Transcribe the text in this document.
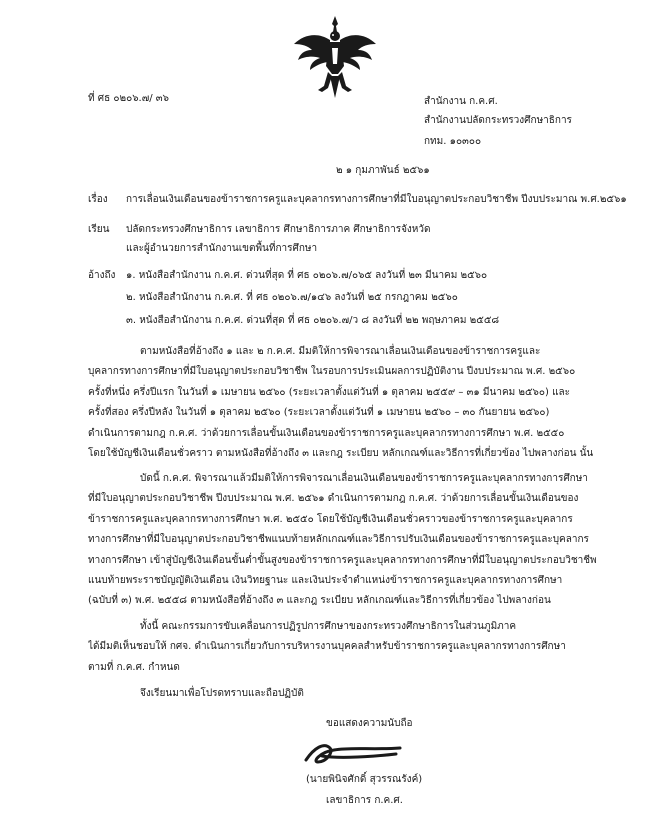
ที่ ศธ ๐๒๐๖.๗/ ๓๖	สำนักงาน ก.ค.ศ.
สำนักงานปลัดกระทรวงศึกษาธิการ
กทม. ๑๐๓๐๐
๒ ๑ กุมภาพันธ์ ๒๕๖๑
เรื่อง การเลื่อนเงินเดือนของข้าราชการครูและบุคลากรทางการศึกษาที่มีใบอนุญาตประกอบวิชาชีพ ปีงบประมาณ พ.ศ.๒๕๖๑
เรียน ปลัดกระทรวงศึกษาธิการ เลขาธิการ ศึกษาธิการภาค ศึกษาธิการจังหวัด
และผู้อำนวยการสำนักงานเขตพื้นที่การศึกษา
อ้างถึง ๑. หนังสือสำนักงาน ก.ค.ศ. ด่วนที่สุด ที่ ศธ ๐๒๐๖.๗/๐๖๕ ลงวันที่ ๒๓ มีนาคม ๒๕๖๐
๒. หนังสือสำนักงาน ก.ค.ศ. ที่ ศธ ๐๒๐๖.๗/๑๔๖ ลงวันที่ ๒๕ กรกฎาคม ๒๕๖๐
๓. หนังสือสำนักงาน ก.ค.ศ. ด่วนที่สุด ที่ ศธ ๐๒๐๖.๗/ว ๘ ลงวันที่ ๒๒ พฤษภาคม ๒๕๕๘
ตามหนังสือที่อ้างถึง ๑ และ ๒ ก.ค.ศ. มีมติให้การพิจารณาเลื่อนเงินเดือนของข้าราชการครูและ
บุคลากรทางการศึกษาที่มีใบอนุญาตประกอบวิชาชีพ ในรอบการประเมินผลการปฏิบัติงาน ปีงบประมาณ พ.ศ. ๒๕๖๐
ครั้งที่หนึ่ง ครึ่งปีแรก ในวันที่ ๑ เมษายน ๒๕๖๐ (ระยะเวลาตั้งแต่วันที่ ๑ ตุลาคม ๒๕๕๙ – ๓๑ มีนาคม ๒๕๖๐) และ
ครั้งที่สอง ครึ่งปีหลัง ในวันที่ ๑ ตุลาคม ๒๕๖๐ (ระยะเวลาตั้งแต่วันที่ ๑ เมษายน ๒๕๖๐ – ๓๐ กันยายน ๒๕๖๐)
ดำเนินการตามกฎ ก.ค.ศ. ว่าด้วยการเลื่อนขั้นเงินเดือนของข้าราชการครูและบุคลากรทางการศึกษา พ.ศ. ๒๕๕๐
โดยใช้บัญชีเงินเดือนชั่วคราว ตามหนังสือที่อ้างถึง ๓ และกฎ ระเบียบ หลักเกณฑ์และวิธีการที่เกี่ยวข้อง ไปพลางก่อน นั้น
บัดนี้ ก.ค.ศ. พิจารณาแล้วมีมติให้การพิจารณาเลื่อนเงินเดือนของข้าราชการครูและบุคลากรทางการศึกษา
ที่มีใบอนุญาตประกอบวิชาชีพ ปีงบประมาณ พ.ศ. ๒๕๖๑ ดำเนินการตามกฎ ก.ค.ศ. ว่าด้วยการเลื่อนขั้นเงินเดือนของ
ข้าราชการครูและบุคลากรทางการศึกษา พ.ศ. ๒๕๕๐ โดยใช้บัญชีเงินเดือนชั่วคราวของข้าราชการครูและบุคลากร
ทางการศึกษาที่มีใบอนุญาตประกอบวิชาชีพแนบท้ายหลักเกณฑ์และวิธีการปรับเงินเดือนของข้าราชการครูและบุคลากร
ทางการศึกษา เข้าสู่บัญชีเงินเดือนขั้นต่ำขั้นสูงของข้าราชการครูและบุคลากรทางการศึกษาที่มีใบอนุญาตประกอบวิชาชีพ
แนบท้ายพระราชบัญญัติเงินเดือน เงินวิทยฐานะ และเงินประจำตำแหน่งข้าราชการครูและบุคลากรทางการศึกษา
(ฉบับที่ ๓) พ.ศ. ๒๕๕๘ ตามหนังสือที่อ้างถึง ๓ และกฎ ระเบียบ หลักเกณฑ์และวิธีการที่เกี่ยวข้อง ไปพลางก่อน
ทั้งนี้ คณะกรรมการขับเคลื่อนการปฏิรูปการศึกษาของกระทรวงศึกษาธิการในส่วนภูมิภาค
ได้มีมติเห็นชอบให้ กศจ. ดำเนินการเกี่ยวกับการบริหารงานบุคคลสำหรับข้าราชการครูและบุคลากรทางการศึกษา
ตามที่ ก.ค.ศ. กำหนด
จึงเรียนมาเพื่อโปรดทราบและถือปฏิบัติ
ขอแสดงความนับถือ
(นายพินิจศักดิ์ สุวรรณรังค์)
เลขาธิการ ก.ค.ศ.
